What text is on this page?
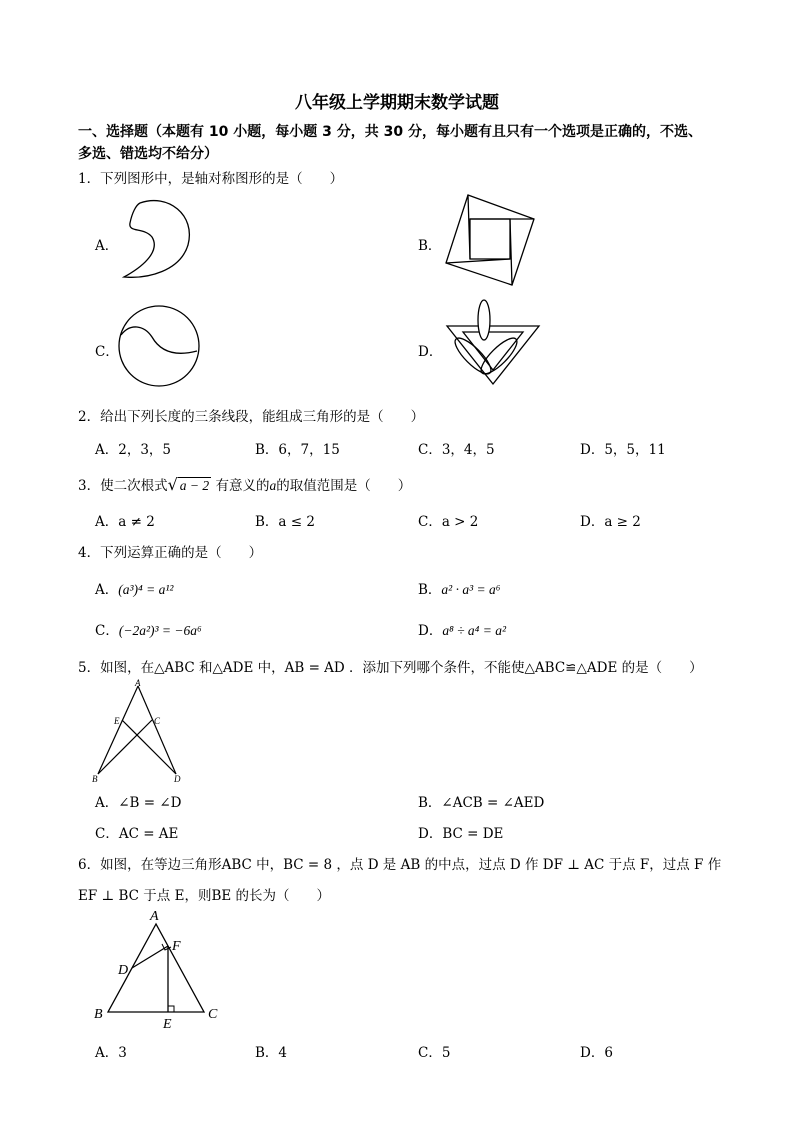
八年级上学期期末数学试题
一、选择题（本题有 10 小题，每小题 3 分，共 30 分，每小题有且只有一个选项是正确的，不选、
多选、错选均不给分）
1．下列图形中，是轴对称图形的是（　　）
A．	B．
C．	D．
2．给出下列长度的三条线段，能组成三角形的是（　　）
A．2，3，5	B．6，7，15	C．3，4，5	D．5，5，11
3．使二次根式√ a − 2 有意义的a的取值范围是（　　）
A．a ≠ 2	B．a ≤ 2	C．a > 2	D．a ≥ 2
4．下列运算正确的是（　　）
A．(a³)⁴ = a¹²	B．a² · a³ = a⁶
C．(−2a²)³ = −6a⁶	D．a⁸ ÷ a⁴ = a²
5．如图，在△ABC 和△ADE 中，AB = AD ．添加下列哪个条件，不能使△ABC≌△ADE 的是（　　）
A
E	C
B	D
A．∠B = ∠D	B．∠ACB = ∠AED
C．AC = AE	D．BC = DE
6．如图，在等边三角形ABC 中，BC = 8 ，点 D 是 AB 的中点，过点 D 作 DF ⊥ AC 于点 F，过点 F 作
EF ⊥ BC 于点 E，则BE 的长为（　　）
A
F
D
B	C
E
A．3	B．4	C．5	D．6
